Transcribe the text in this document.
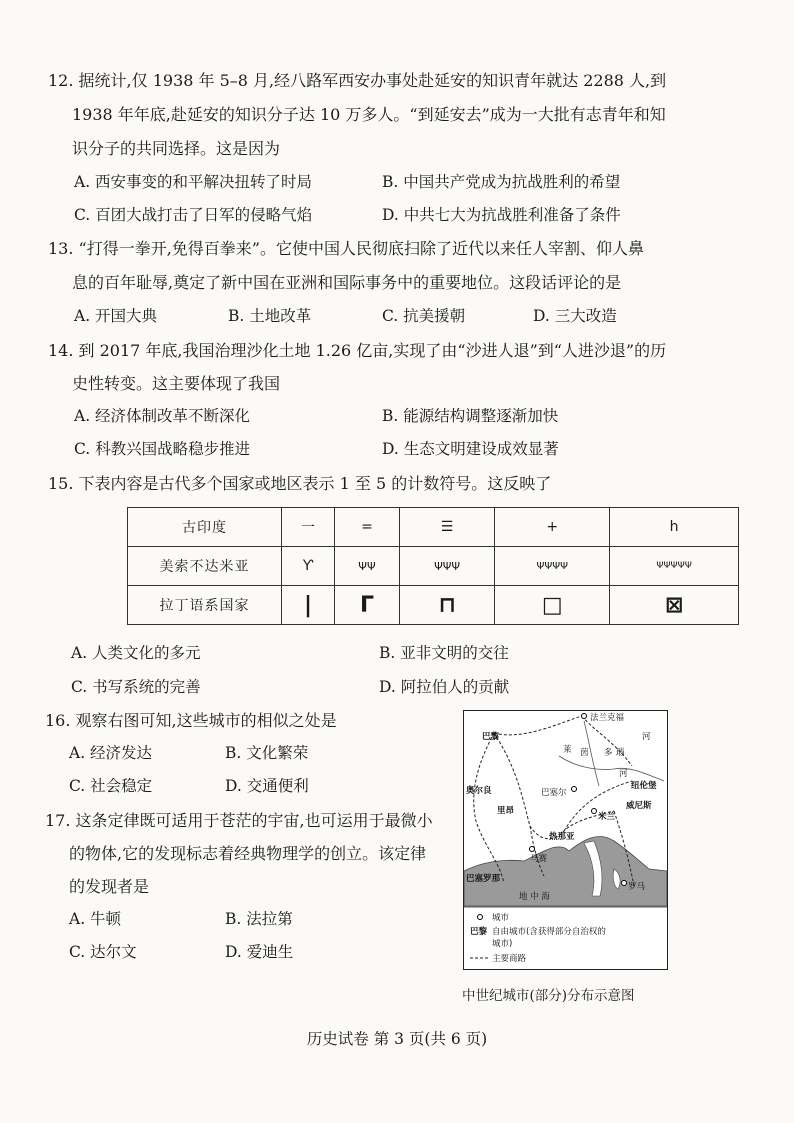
12. 据统计,仅 1938 年 5–8 月,经八路军西安办事处赴延安的知识青年就达 2288 人,到
1938 年年底,赴延安的知识分子达 10 万多人。“到延安去”成为一大批有志青年和知
识分子的共同选择。这是因为
A. 西安事变的和平解决扭转了时局	B. 中国共产党成为抗战胜利的希望
C. 百团大战打击了日军的侵略气焰	D. 中共七大为抗战胜利准备了条件
13. “打得一拳开,免得百拳来”。它使中国人民彻底扫除了近代以来任人宰割、仰人鼻
息的百年耻辱,奠定了新中国在亚洲和国际事务中的重要地位。这段话评论的是
A. 开国大典	B. 土地改革	C. 抗美援朝	D. 三大改造
14. 到 2017 年底,我国治理沙化土地 1.26 亿亩,实现了由“沙进人退”到“人进沙退”的历
史性转变。这主要体现了我国
A. 经济体制改革不断深化	B. 能源结构调整逐渐加快
C. 科教兴国战略稳步推进	D. 生态文明建设成效显著
15. 下表内容是古代多个国家或地区表示 1 至 5 的计数符号。这反映了
古印度	一	=	☰	+	h
美索不达米亚	Ƴ	ΨΨ	ΨΨΨ	ΨΨΨΨ	ΨΨΨΨΨ
拉丁语系国家	|	Γ	⊓	□	⊠
A. 人类文化的多元	B. 亚非文明的交往
C. 书写系统的完善	D. 阿拉伯人的贡献
16. 观察右图可知,这些城市的相似之处是
A. 经济发达	B. 文化繁荣
C. 社会稳定	D. 交通便利
17. 这条定律既可适用于苍茫的宇宙,也可运用于最微小
的物体,它的发现标志着经典物理学的创立。该定律
的发现者是
A. 牛顿	B. 法拉第
C. 达尔文	D. 爱迪生
地 中 海
莱 茵 多 瑙
河
河
法兰克福
巴黎
奥尔良	纽伦堡
里昂
巴塞尔
米兰
威尼斯
热那亚
马赛
巴塞罗那
罗马
城市
巴黎 自由城市(含获得部分自治权的
城市)
主要商路
中世纪城市(部分)分布示意图
历史试卷 第 3 页(共 6 页)
